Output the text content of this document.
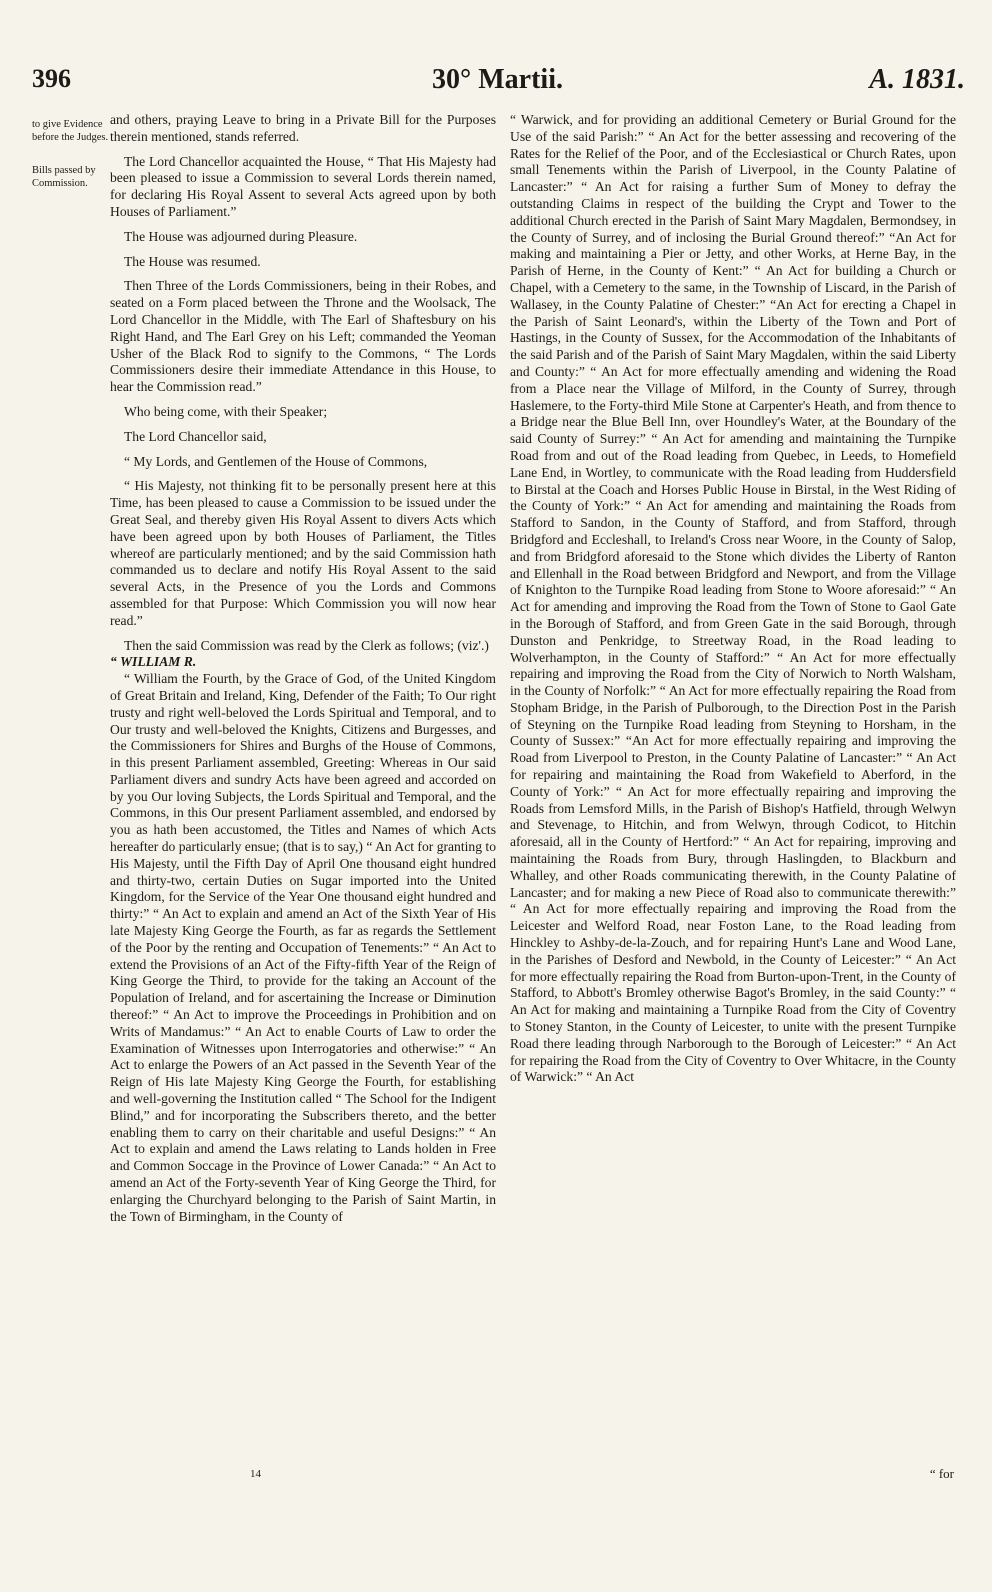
396	30° Martii.	A. 1831.
to give Evidence before the Judges.
Bills passed by Commission.

and others, praying Leave to bring in a Private Bill for the Purposes therein mentioned, stands referred.

The Lord Chancellor acquainted the House, “ That His Majesty had been pleased to issue a Commission to several Lords therein named, for declaring His Royal Assent to several Acts agreed upon by both Houses of Parliament.”

The House was adjourned during Pleasure.

The House was resumed.

Then Three of the Lords Commissioners, being in their Robes, and seated on a Form placed between the Throne and the Woolsack, The Lord Chancellor in the Middle, with The Earl of Shaftesbury on his Right Hand, and The Earl Grey on his Left; commanded the Yeoman Usher of the Black Rod to signify to the Commons, “ The Lords Commissioners desire their immediate Attendance in this House, to hear the Commission read.”

Who being come, with their Speaker;

The Lord Chancellor said,

“ My Lords, and Gentlemen of the House of Commons,

“ His Majesty, not thinking fit to be personally present here at this Time, has been pleased to cause a Commission to be issued under the Great Seal, and thereby given His Royal Assent to divers Acts which have been agreed upon by both Houses of Parliament, the Titles whereof are particularly mentioned; and by the said Commission hath commanded us to declare and notify His Royal Assent to the said several Acts, in the Presence of you the Lords and Commons assembled for that Purpose: Which Commission you will now hear read.”

Then the said Commission was read by the Clerk as follows; (viz'.)

“ WILLIAM R.

“ William the Fourth, by the Grace of God, of the United Kingdom of Great Britain and Ireland, King, Defender of the Faith; To Our right trusty and right well-beloved the Lords Spiritual and Temporal, and to Our trusty and well-beloved the Knights, Citizens and Burgesses, and the Commissioners for Shires and Burghs of the House of Commons, in this present Parliament assembled, Greeting: Whereas in Our said Parliament divers and sundry Acts have been agreed and accorded on by you Our loving Subjects, the Lords Spiritual and Temporal, and the Commons, in this Our present Parliament assembled, and endorsed by you as hath been accustomed, the Titles and Names of which Acts hereafter do particularly ensue; (that is to say,) “ An Act for granting to His Majesty, until the Fifth Day of April One thousand eight hundred and thirty-two, certain Duties on Sugar imported into the United Kingdom, for the Service of the Year One thousand eight hundred and thirty:” “ An Act to explain and amend an Act of the Sixth Year of His late Majesty King George the Fourth, as far as regards the Settlement of the Poor by the renting and Occupation of Tenements:” “ An Act to extend the Provisions of an Act of the Fifty-fifth Year of the Reign of King George the Third, to provide for the taking an Account of the Population of Ireland, and for ascertaining the Increase or Diminution thereof:” “ An Act to improve the Proceedings in Prohibition and on Writs of Mandamus:” “ An Act to enable Courts of Law to order the Examination of Witnesses upon Interrogatories and otherwise:” “ An Act to enlarge the Powers of an Act passed in the Seventh Year of the Reign of His late Majesty King George the Fourth, for establishing and well-governing the Institution called “ The School for the Indigent Blind,” and for incorporating the Subscribers thereto, and the better enabling them to carry on their charitable and useful Designs:” “ An Act to explain and amend the Laws relating to Lands holden in Free and Common Soccage in the Province of Lower Canada:” “ An Act to amend an Act of the Forty-seventh Year of King George the Third, for enlarging the Churchyard belonging to the Parish of Saint Martin, in the Town of Birmingham, in the County of

“ Warwick, and for providing an additional Cemetery or Burial Ground for the Use of the said Parish:” “ An Act for the better assessing and recovering of the Rates for the Relief of the Poor, and of the Ecclesiastical or Church Rates, upon small Tenements within the Parish of Liverpool, in the County Palatine of Lancaster:” “ An Act for raising a further Sum of Money to defray the outstanding Claims in respect of the building the Crypt and Tower to the additional Church erected in the Parish of Saint Mary Magdalen, Bermondsey, in the County of Surrey, and of inclosing the Burial Ground thereof:” “An Act for making and maintaining a Pier or Jetty, and other Works, at Herne Bay, in the Parish of Herne, in the County of Kent:” “ An Act for building a Church or Chapel, with a Cemetery to the same, in the Township of Liscard, in the Parish of Wallasey, in the County Palatine of Chester:” “An Act for erecting a Chapel in the Parish of Saint Leonard's, within the Liberty of the Town and Port of Hastings, in the County of Sussex, for the Accommodation of the Inhabitants of the said Parish and of the Parish of Saint Mary Magdalen, within the said Liberty and County:” “ An Act for more effectually amending and widening the Road from a Place near the Village of Milford, in the County of Surrey, through Haslemere, to the Forty-third Mile Stone at Carpenter's Heath, and from thence to a Bridge near the Blue Bell Inn, over Houndley's Water, at the Boundary of the said County of Surrey:” “ An Act for amending and maintaining the Turnpike Road from and out of the Road leading from Quebec, in Leeds, to Homefield Lane End, in Wortley, to communicate with the Road leading from Huddersfield to Birstal at the Coach and Horses Public House in Birstal, in the West Riding of the County of York:” “ An Act for amending and maintaining the Roads from Stafford to Sandon, in the County of Stafford, and from Stafford, through Bridgford and Eccleshall, to Ireland's Cross near Woore, in the County of Salop, and from Bridgford aforesaid to the Stone which divides the Liberty of Ranton and Ellenhall in the Road between Bridgford and Newport, and from the Village of Knighton to the Turnpike Road leading from Stone to Woore aforesaid:” “ An Act for amending and improving the Road from the Town of Stone to Gaol Gate in the Borough of Stafford, and from Green Gate in the said Borough, through Dunston and Penkridge, to Streetway Road, in the Road leading to Wolverhampton, in the County of Stafford:” “ An Act for more effectually repairing and improving the Road from the City of Norwich to North Walsham, in the County of Norfolk:” “ An Act for more effectually repairing the Road from Stopham Bridge, in the Parish of Pulborough, to the Direction Post in the Parish of Steyning on the Turnpike Road leading from Steyning to Horsham, in the County of Sussex:” “An Act for more effectually repairing and improving the Road from Liverpool to Preston, in the County Palatine of Lancaster:” “ An Act for repairing and maintaining the Road from Wakefield to Aberford, in the County of York:” “ An Act for more effectually repairing and improving the Roads from Lemsford Mills, in the Parish of Bishop's Hatfield, through Welwyn and Stevenage, to Hitchin, and from Welwyn, through Codicot, to Hitchin aforesaid, all in the County of Hertford:” “ An Act for repairing, improving and maintaining the Roads from Bury, through Haslingden, to Blackburn and Whalley, and other Roads communicating therewith, in the County Palatine of Lancaster; and for making a new Piece of Road also to communicate therewith:” “ An Act for more effectually repairing and improving the Road from the Leicester and Welford Road, near Foston Lane, to the Road leading from Hinckley to Ashby-de-la-Zouch, and for repairing Hunt's Lane and Wood Lane, in the Parishes of Desford and Newbold, in the County of Leicester:” “ An Act for more effectually repairing the Road from Burton-upon-Trent, in the County of Stafford, to Abbott's Bromley otherwise Bagot's Bromley, in the said County:” “ An Act for making and maintaining a Turnpike Road from the City of Coventry to Stoney Stanton, in the County of Leicester, to unite with the present Turnpike Road there leading through Narborough to the Borough of Leicester:” “ An Act for repairing the Road from the City of Coventry to Over Whitacre, in the County of Warwick:” “ An Act

14	“ for
